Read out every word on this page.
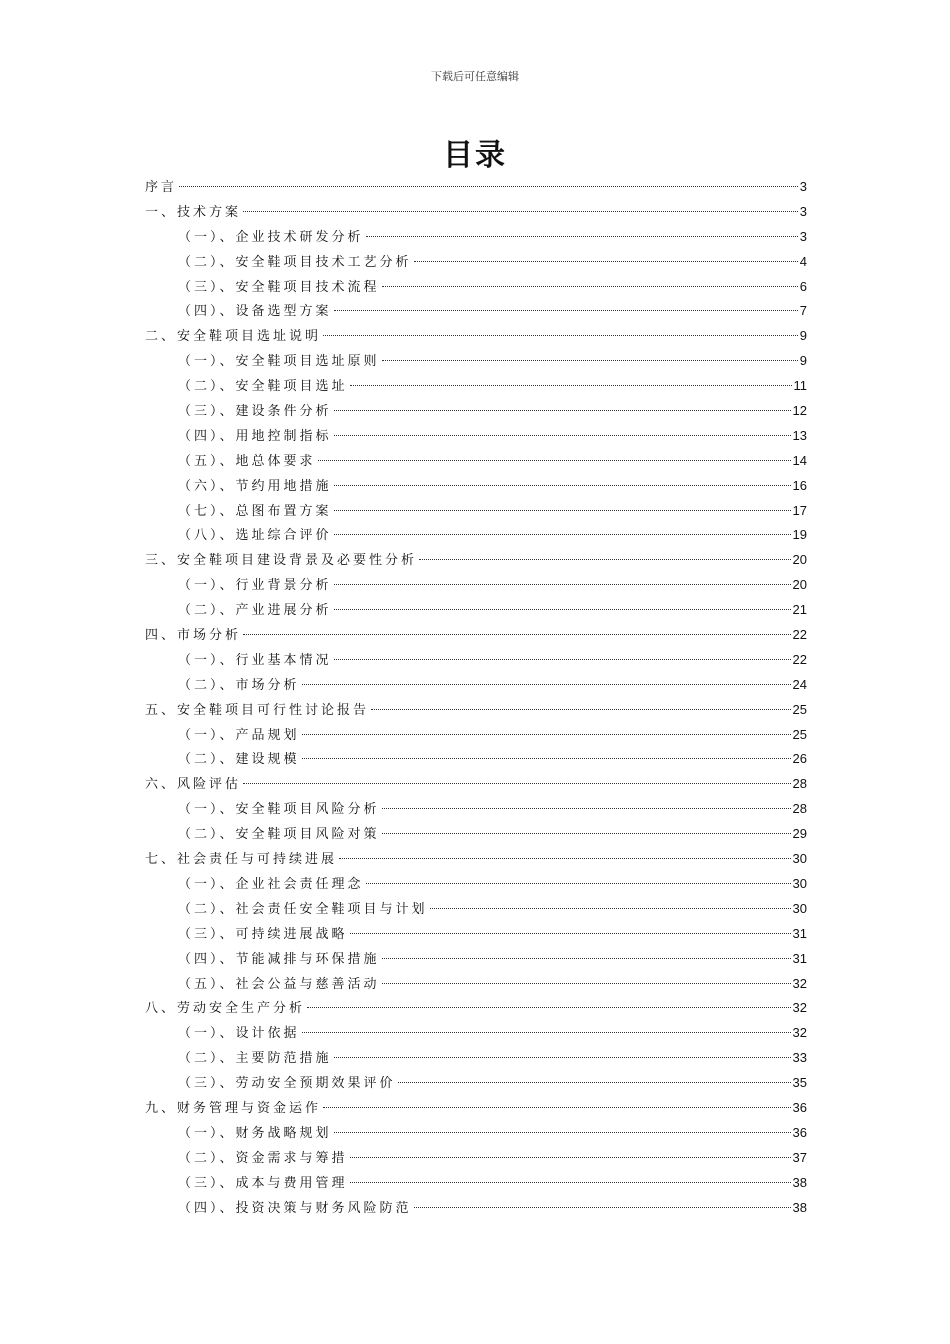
下载后可任意编辑
目录
序言	3
一、技术方案	3
（一）、企业技术研发分析	3
（二）、安全鞋项目技术工艺分析	4
（三）、安全鞋项目技术流程	6
（四）、设备选型方案	7
二、安全鞋项目选址说明	9
（一）、安全鞋项目选址原则	9
（二）、安全鞋项目选址	11
（三）、建设条件分析	12
（四）、用地控制指标	13
（五）、地总体要求	14
（六）、节约用地措施	16
（七）、总图布置方案	17
（八）、选址综合评价	19
三、安全鞋项目建设背景及必要性分析	20
（一）、行业背景分析	20
（二）、产业进展分析	21
四、市场分析	22
（一）、行业基本情况	22
（二）、市场分析	24
五、安全鞋项目可行性讨论报告	25
（一）、产品规划	25
（二）、建设规模	26
六、风险评估	28
（一）、安全鞋项目风险分析	28
（二）、安全鞋项目风险对策	29
七、社会责任与可持续进展	30
（一）、企业社会责任理念	30
（二）、社会责任安全鞋项目与计划	30
（三）、可持续进展战略	31
（四）、节能减排与环保措施	31
（五）、社会公益与慈善活动	32
八、劳动安全生产分析	32
（一）、设计依据	32
（二）、主要防范措施	33
（三）、劳动安全预期效果评价	35
九、财务管理与资金运作	36
（一）、财务战略规划	36
（二）、资金需求与筹措	37
（三）、成本与费用管理	38
（四）、投资决策与财务风险防范	38
